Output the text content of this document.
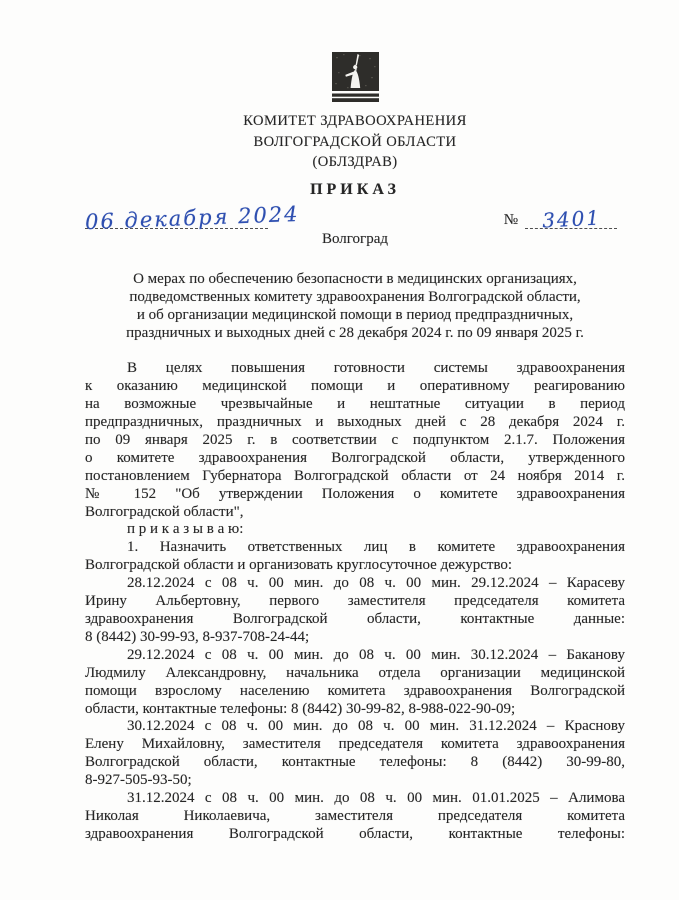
КОМИТЕТ ЗДРАВООХРАНЕНИЯ
ВОЛГОГРАДСКОЙ ОБЛАСТИ
(ОБЛЗДРАВ)
ПРИКАЗ
06 декабря 2024	№	3401
Волгоград
О мерах по обеспечению безопасности в медицинских организациях,
подведомственных комитету здравоохранения Волгоградской области,
и об организации медицинской помощи в период предпраздничных,
праздничных и выходных дней с 28 декабря 2024 г. по 09 января 2025 г.
В целях повышения готовности системы здравоохранения
к оказанию медицинской помощи и оперативному реагированию
на возможные чрезвычайные и нештатные ситуации в период
предпраздничных, праздничных и выходных дней с 28 декабря 2024 г.
по 09 января 2025 г. в соответствии с подпунктом 2.1.7. Положения
о комитете здравоохранения Волгоградской области, утвержденного
постановлением Губернатора Волгоградской области от 24 ноября 2014 г.
№ 152 "Об утверждении Положения о комитете здравоохранения
Волгоградской области",
п р и к а з ы в а ю:
1. Назначить ответственных лиц в комитете здравоохранения
Волгоградской области и организовать круглосуточное дежурство:
28.12.2024 с 08 ч. 00 мин. до 08 ч. 00 мин. 29.12.2024 – Карасеву
Ирину Альбертовну, первого заместителя председателя комитета
здравоохранения Волгоградской области, контактные данные:
8 (8442) 30-99-93, 8-937-708-24-44;
29.12.2024 с 08 ч. 00 мин. до 08 ч. 00 мин. 30.12.2024 – Баканову
Людмилу Александровну, начальника отдела организации медицинской
помощи взрослому населению комитета здравоохранения Волгоградской
области, контактные телефоны: 8 (8442) 30-99-82, 8-988-022-90-09;
30.12.2024 с 08 ч. 00 мин. до 08 ч. 00 мин. 31.12.2024 – Краснову
Елену Михайловну, заместителя председателя комитета здравоохранения
Волгоградской области, контактные телефоны: 8 (8442) 30-99-80,
8-927-505-93-50;
31.12.2024 с 08 ч. 00 мин. до 08 ч. 00 мин. 01.01.2025 – Алимова
Николая Николаевича, заместителя председателя комитета
здравоохранения Волгоградской области, контактные телефоны:
